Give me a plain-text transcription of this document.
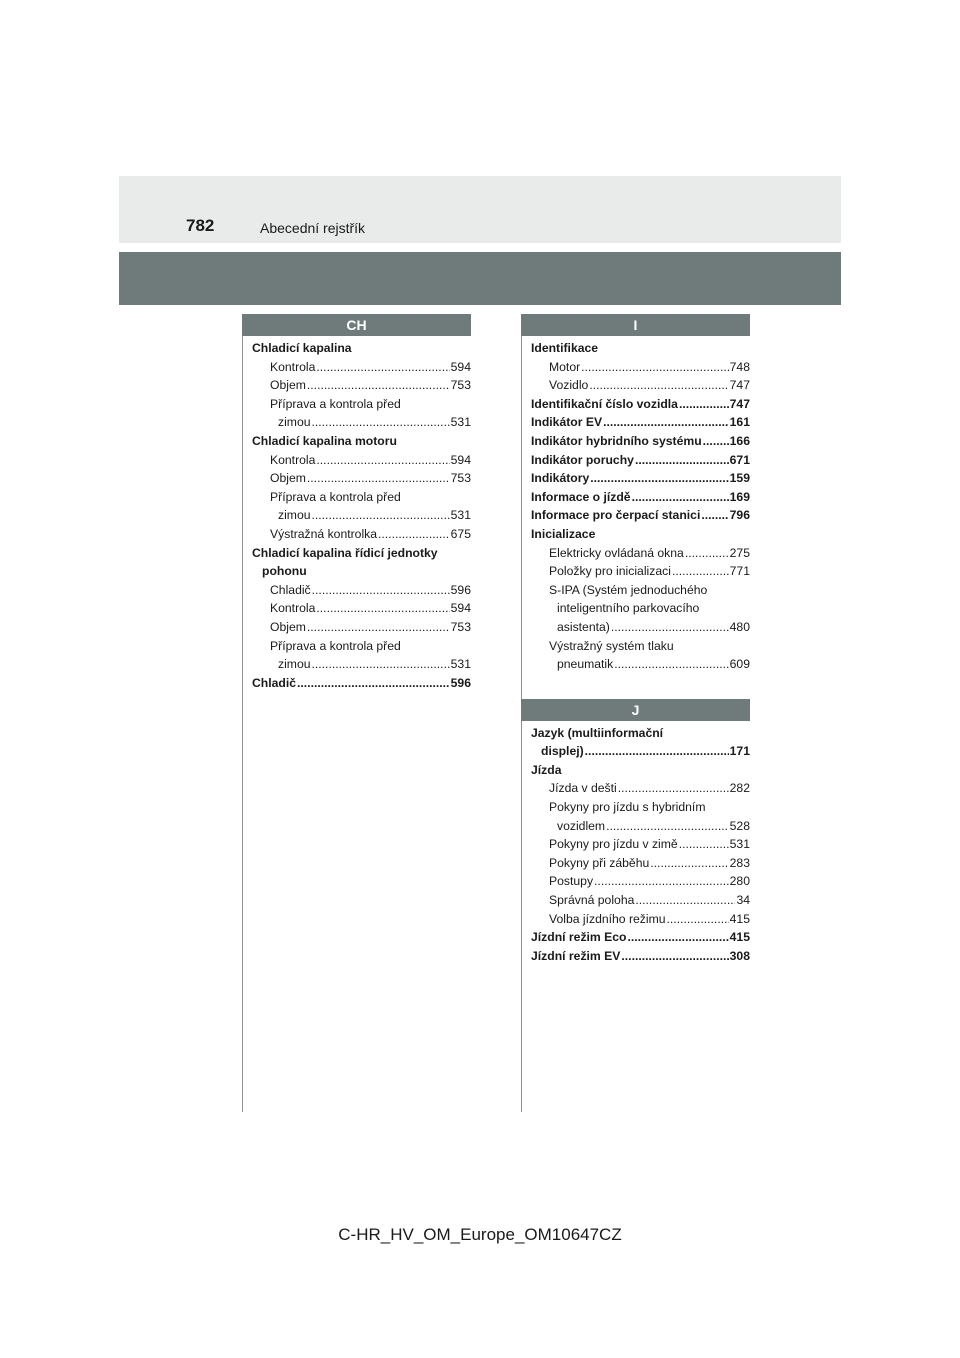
782	Abecední rejstřík
CH
Chladicí kapalina
Kontrola .....	594
Objem .....	753
Příprava a kontrola před
zimou .....	531
Chladicí kapalina motoru
Kontrola .....	594
Objem .....	753
Příprava a kontrola před
zimou .....	531
Výstražná kontrolka .....	675
Chladicí kapalina řídicí jednotky
pohonu
Chladič .....	596
Kontrola .....	594
Objem .....	753
Příprava a kontrola před
zimou .....	531
Chladič .....	596
I
Identifikace
Motor .....	748
Vozidlo .....	747
Identifikační číslo vozidla .....	747
Indikátor EV .....	161
Indikátor hybridního systému ..... 166
Indikátor poruchy .....	671
Indikátory .....	159
Informace o jízdě .....	169
Informace pro čerpací stanici ..... 796
Inicializace
Elektricky ovládaná okna .....	275
Položky pro inicializaci .....	771
S-IPA (Systém jednoduchého
inteligentního parkovacího
asistenta) .....	480
Výstražný systém tlaku
pneumatik .....	609
J
Jazyk (multiinformační
displej) .....	171
Jízda
Jízda v dešti .....	282
Pokyny pro jízdu s hybridním
vozidlem .....	528
Pokyny pro jízdu v zimě .....	531
Pokyny při záběhu .....	283
Postupy .....	280
Správná poloha .....	34
Volba jízdního režimu .....	415
Jízdní režim Eco .....	415
Jízdní režim EV .....	308
C-HR_HV_OM_Europe_OM10647CZ
